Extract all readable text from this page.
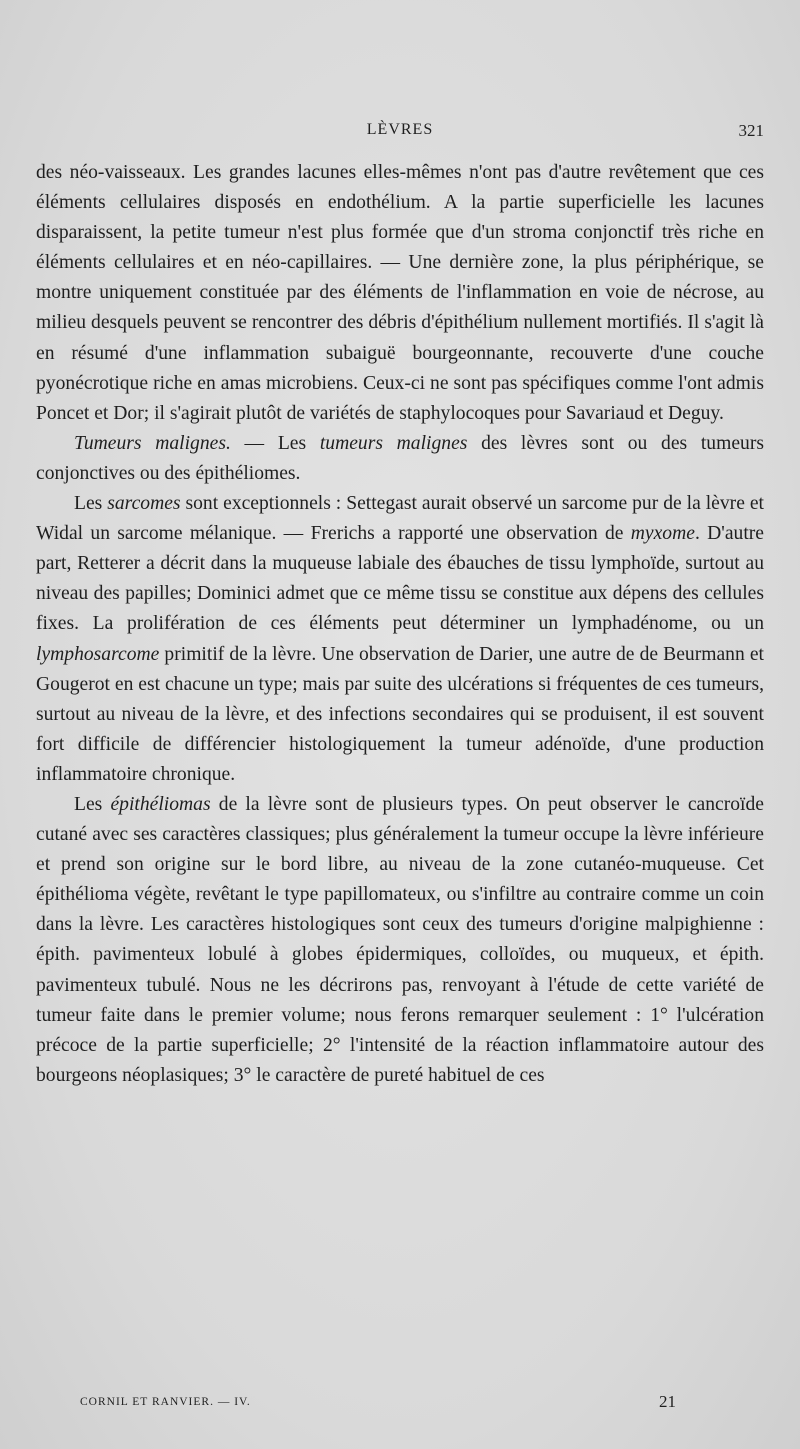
LÈVRES	321

des néo-vaisseaux. Les grandes lacunes elles-mêmes n'ont pas d'autre revêtement que ces éléments cellulaires disposés en endothélium. A la partie superficielle les lacunes disparaissent, la petite tumeur n'est plus formée que d'un stroma conjonctif très riche en éléments cellulaires et en néo-capillaires. — Une dernière zone, la plus périphérique, se montre uniquement constituée par des éléments de l'inflammation en voie de nécrose, au milieu desquels peuvent se rencontrer des débris d'épithélium nullement mortifiés. Il s'agit là en résumé d'une inflammation subaiguë bourgeonnante, recouverte d'une couche pyonécrotique riche en amas microbiens. Ceux-ci ne sont pas spécifiques comme l'ont admis Poncet et Dor; il s'agirait plutôt de variétés de staphylocoques pour Savariaud et Deguy.

Tumeurs malignes. — Les tumeurs malignes des lèvres sont ou des tumeurs conjonctives ou des épithéliomes.

Les sarcomes sont exceptionnels : Settegast aurait observé un sarcome pur de la lèvre et Widal un sarcome mélanique. — Frerichs a rapporté une observation de myxome. D'autre part, Retterer a décrit dans la muqueuse labiale des ébauches de tissu lymphoïde, surtout au niveau des papilles; Dominici admet que ce même tissu se constitue aux dépens des cellules fixes. La prolifération de ces éléments peut déterminer un lymphadénome, ou un lymphosarcome primitif de la lèvre. Une observation de Darier, une autre de de Beurmann et Gougerot en est chacune un type; mais par suite des ulcérations si fréquentes de ces tumeurs, surtout au niveau de la lèvre, et des infections secondaires qui se produisent, il est souvent fort difficile de différencier histologiquement la tumeur adénoïde, d'une production inflammatoire chronique.

Les épithéliomas de la lèvre sont de plusieurs types. On peut observer le cancroïde cutané avec ses caractères classiques; plus généralement la tumeur occupe la lèvre inférieure et prend son origine sur le bord libre, au niveau de la zone cutanéo-muqueuse. Cet épithélioma végète, revêtant le type papillomateux, ou s'infiltre au contraire comme un coin dans la lèvre. Les caractères histologiques sont ceux des tumeurs d'origine malpighienne : épith. pavimenteux lobulé à globes épidermiques, colloïdes, ou muqueux, et épith. pavimenteux tubulé. Nous ne les décrirons pas, renvoyant à l'étude de cette variété de tumeur faite dans le premier volume; nous ferons remarquer seulement : 1° l'ulcération précoce de la partie superficielle; 2° l'intensité de la réaction inflammatoire autour des bourgeons néoplasiques; 3° le caractère de pureté habituel de ces

CORNIL ET RANVIER. — IV.	21
